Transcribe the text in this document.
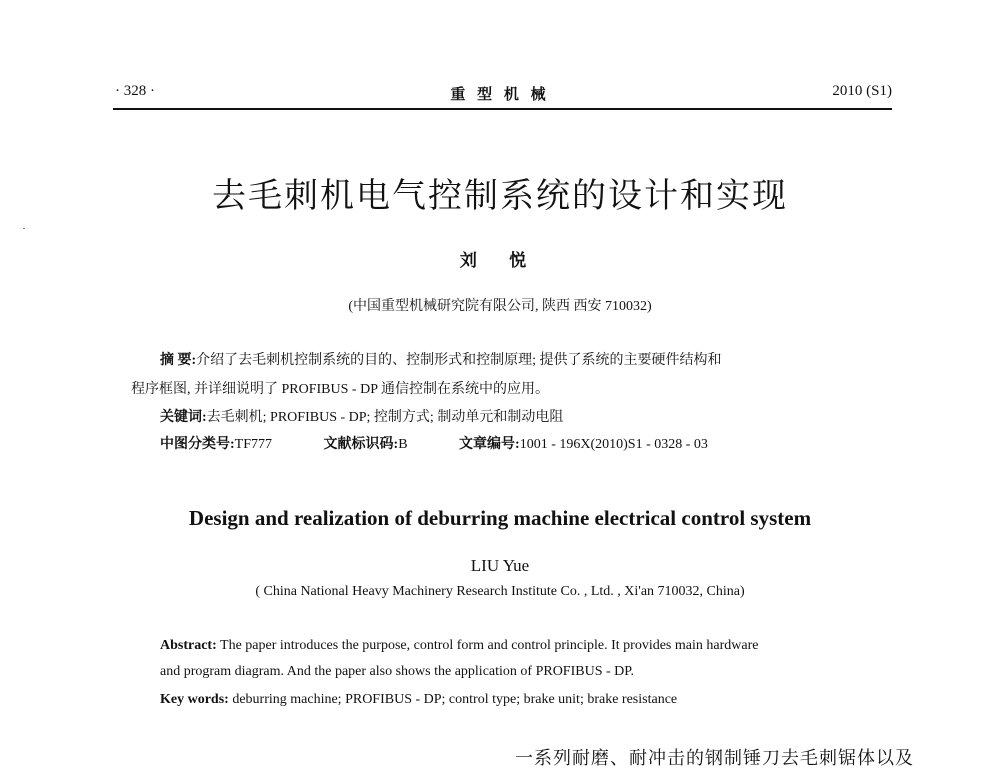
· 328 ·	重 型 机 械	2010 (S1)
去毛刺机电气控制系统的设计和实现
刘 悦
(中国重型机械研究院有限公司, 陕西 西安 710032)
摘 要:介绍了去毛刺机控制系统的目的、控制形式和控制原理; 提供了系统的主要硬件结构和
程序框图, 并详细说明了 PROFIBUS - DP 通信控制在系统中的应用。
关键词:去毛刺机; PROFIBUS - DP; 控制方式; 制动单元和制动电阻
中图分类号:TF777	文献标识码:B	文章编号:1001 - 196X(2010)S1 - 0328 - 03
Design and realization of deburring machine electrical control system
LIU Yue
( China National Heavy Machinery Research Institute Co. , Ltd. , Xi'an 710032, China)
Abstract: The paper introduces the purpose, control form and control principle. It provides main hardware
and program diagram. And the paper also shows the application of PROFIBUS - DP.
Key words: deburring machine; PROFIBUS - DP; control type; brake unit; brake resistance
一系列耐磨、耐冲击的钢制锤刀去毛刺锯体以及
